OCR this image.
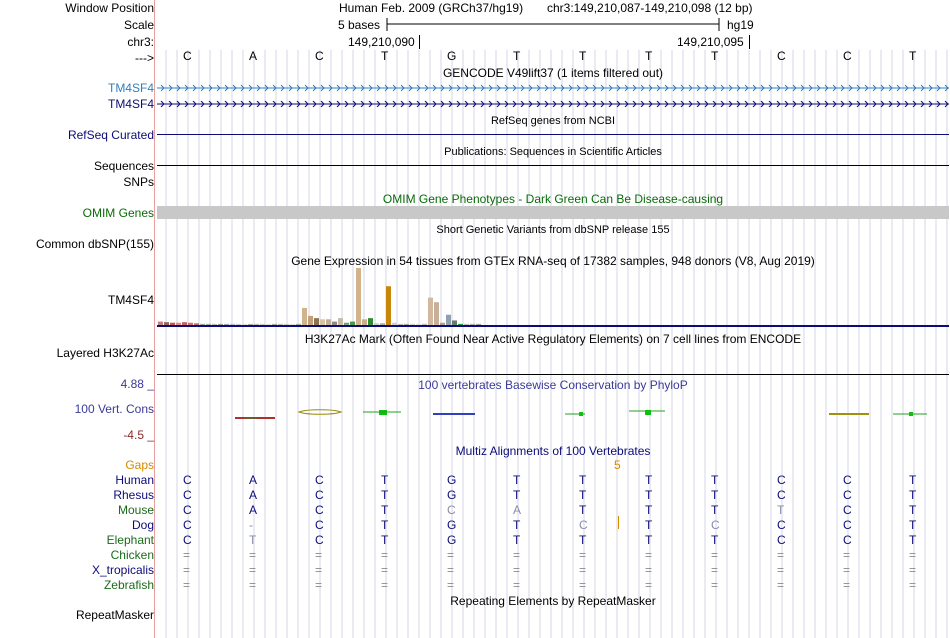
Window Position	Human Feb. 2009 (GRCh37/hg19) chr3:149,210,087-149,210,098 (12 bp)
Scale	5 bases	hg19
chr3:	149,210,090	149,210,095
---> C	A	C	T	G	T	T	T	T	C	C	T
GENCODE V49lift37 (1 items filtered out)
TM4SF4
TM4SF4
RefSeq genes from NCBI
RefSeq Curated
Publications: Sequences in Scientific Articles
Sequences
SNPs
OMIM Gene Phenotypes - Dark Green Can Be Disease-causing
OMIM Genes
Short Genetic Variants from dbSNP release 155
Common dbSNP(155)
Gene Expression in 54 tissues from GTEx RNA-seq of 17382 samples, 948 donors (V8, Aug 2019)
TM4SF4
H3K27Ac Mark (Often Found Near Active Regulatory Elements) on 7 cell lines from ENCODE
Layered H3K27Ac
100 vertebrates Basewise Conservation by PhyloP
4.88 _
100 Vert. Cons
-4.5 _
Multiz Alignments of 100 Vertebrates
Gaps	5
Human C	A	C	T	G	T	T	T	T	C	C	T
Rhesus C	A	C	T	G	T	T	T	T	C	C	T
Mouse C	A	C	T	C	A	T	T	T	T	C	T
Dog C	-	C	T	G	T	C	T	C	C	C	T
Elephant C	T	C	T	G	T	T	T	T	C	C	T
Chicken =	=	=	=	=	=	=	=	=	=	=	=
X_tropicalis =	=	=	=	=	=	=	=	=	=	=	=
Zebrafish =	=	=	=	=	=	=	=	=	=	=	=
Repeating Elements by RepeatMasker
RepeatMasker
